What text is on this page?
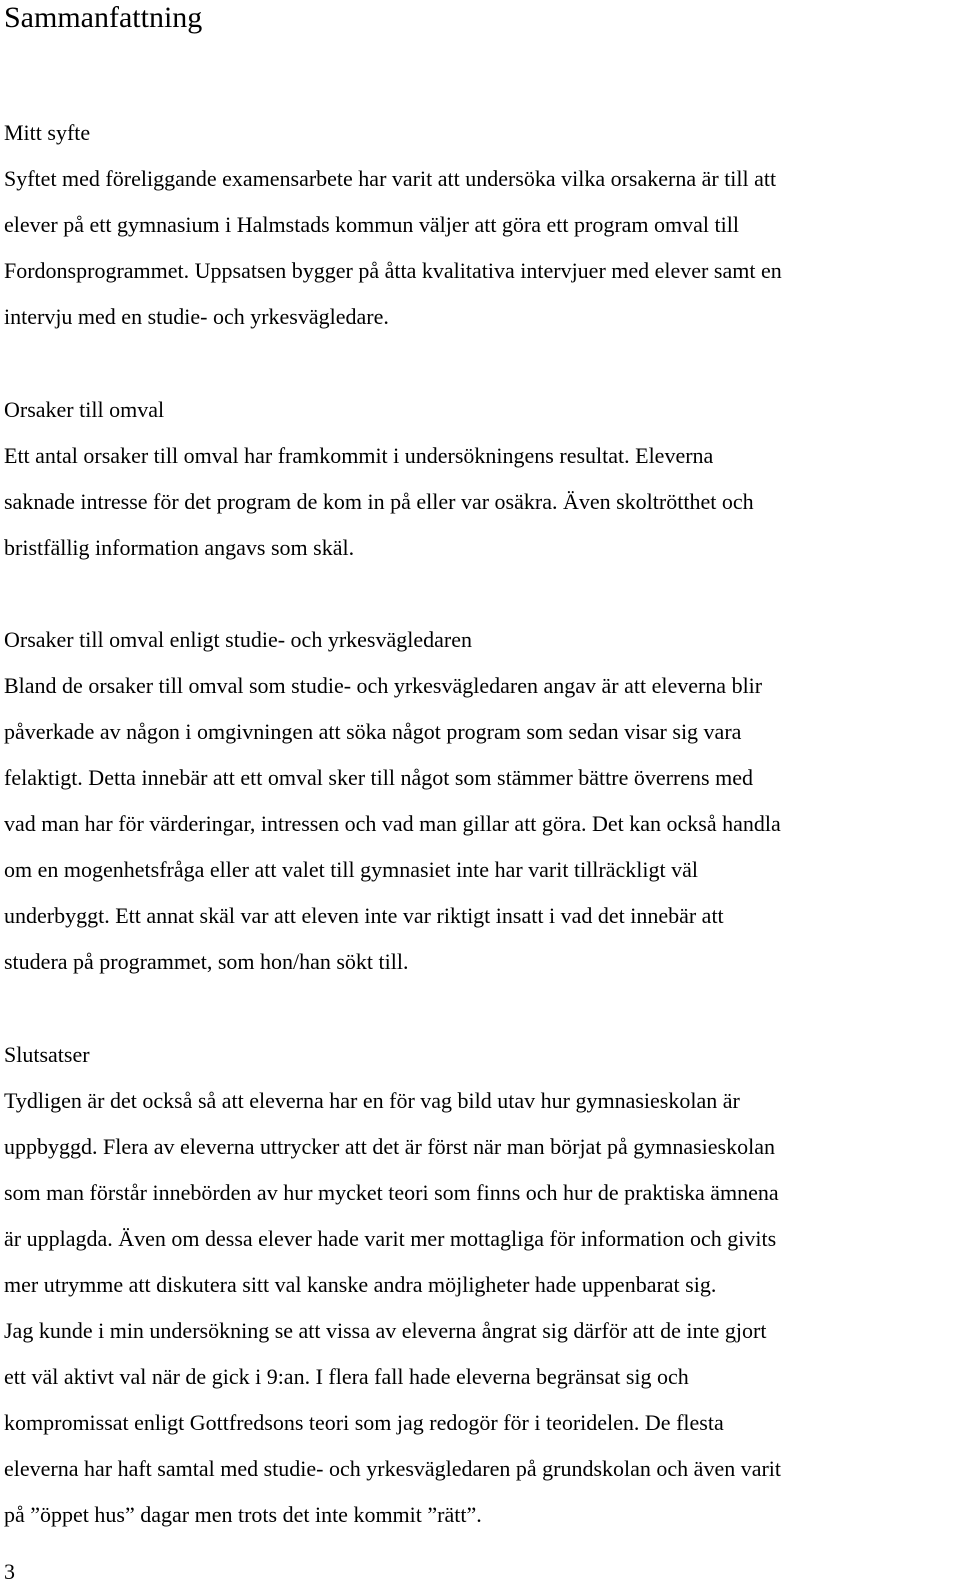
Sammanfattning
Mitt syfte
Syftet med föreliggande examensarbete har varit att undersöka vilka orsakerna är till att
elever på ett gymnasium i Halmstads kommun väljer att göra ett program omval till
Fordonsprogrammet. Uppsatsen bygger på åtta kvalitativa intervjuer med elever samt en
intervju med en studie- och yrkesvägledare.
Orsaker till omval
Ett antal orsaker till omval har framkommit i undersökningens resultat. Eleverna
saknade intresse för det program de kom in på eller var osäkra. Även skoltrötthet och
bristfällig information angavs som skäl.
Orsaker till omval enligt studie- och yrkesvägledaren
Bland de orsaker till omval som studie- och yrkesvägledaren angav är att eleverna blir
påverkade av någon i omgivningen att söka något program som sedan visar sig vara
felaktigt. Detta innebär att ett omval sker till något som stämmer bättre överrens med
vad man har för värderingar, intressen och vad man gillar att göra. Det kan också handla
om en mogenhetsfråga eller att valet till gymnasiet inte har varit tillräckligt väl
underbyggt. Ett annat skäl var att eleven inte var riktigt insatt i vad det innebär att
studera på programmet, som hon/han sökt till.
Slutsatser
Tydligen är det också så att eleverna har en för vag bild utav hur gymnasieskolan är
uppbyggd. Flera av eleverna uttrycker att det är först när man börjat på gymnasieskolan
som man förstår innebörden av hur mycket teori som finns och hur de praktiska ämnena
är upplagda. Även om dessa elever hade varit mer mottagliga för information och givits
mer utrymme att diskutera sitt val kanske andra möjligheter hade uppenbarat sig.
Jag kunde i min undersökning se att vissa av eleverna ångrat sig därför att de inte gjort
ett väl aktivt val när de gick i 9:an. I flera fall hade eleverna begränsat sig och
kompromissat enligt Gottfredsons teori som jag redogör för i teoridelen. De flesta
eleverna har haft samtal med studie- och yrkesvägledaren på grundskolan och även varit
på ”öppet hus” dagar men trots det inte kommit ”rätt”.
3
